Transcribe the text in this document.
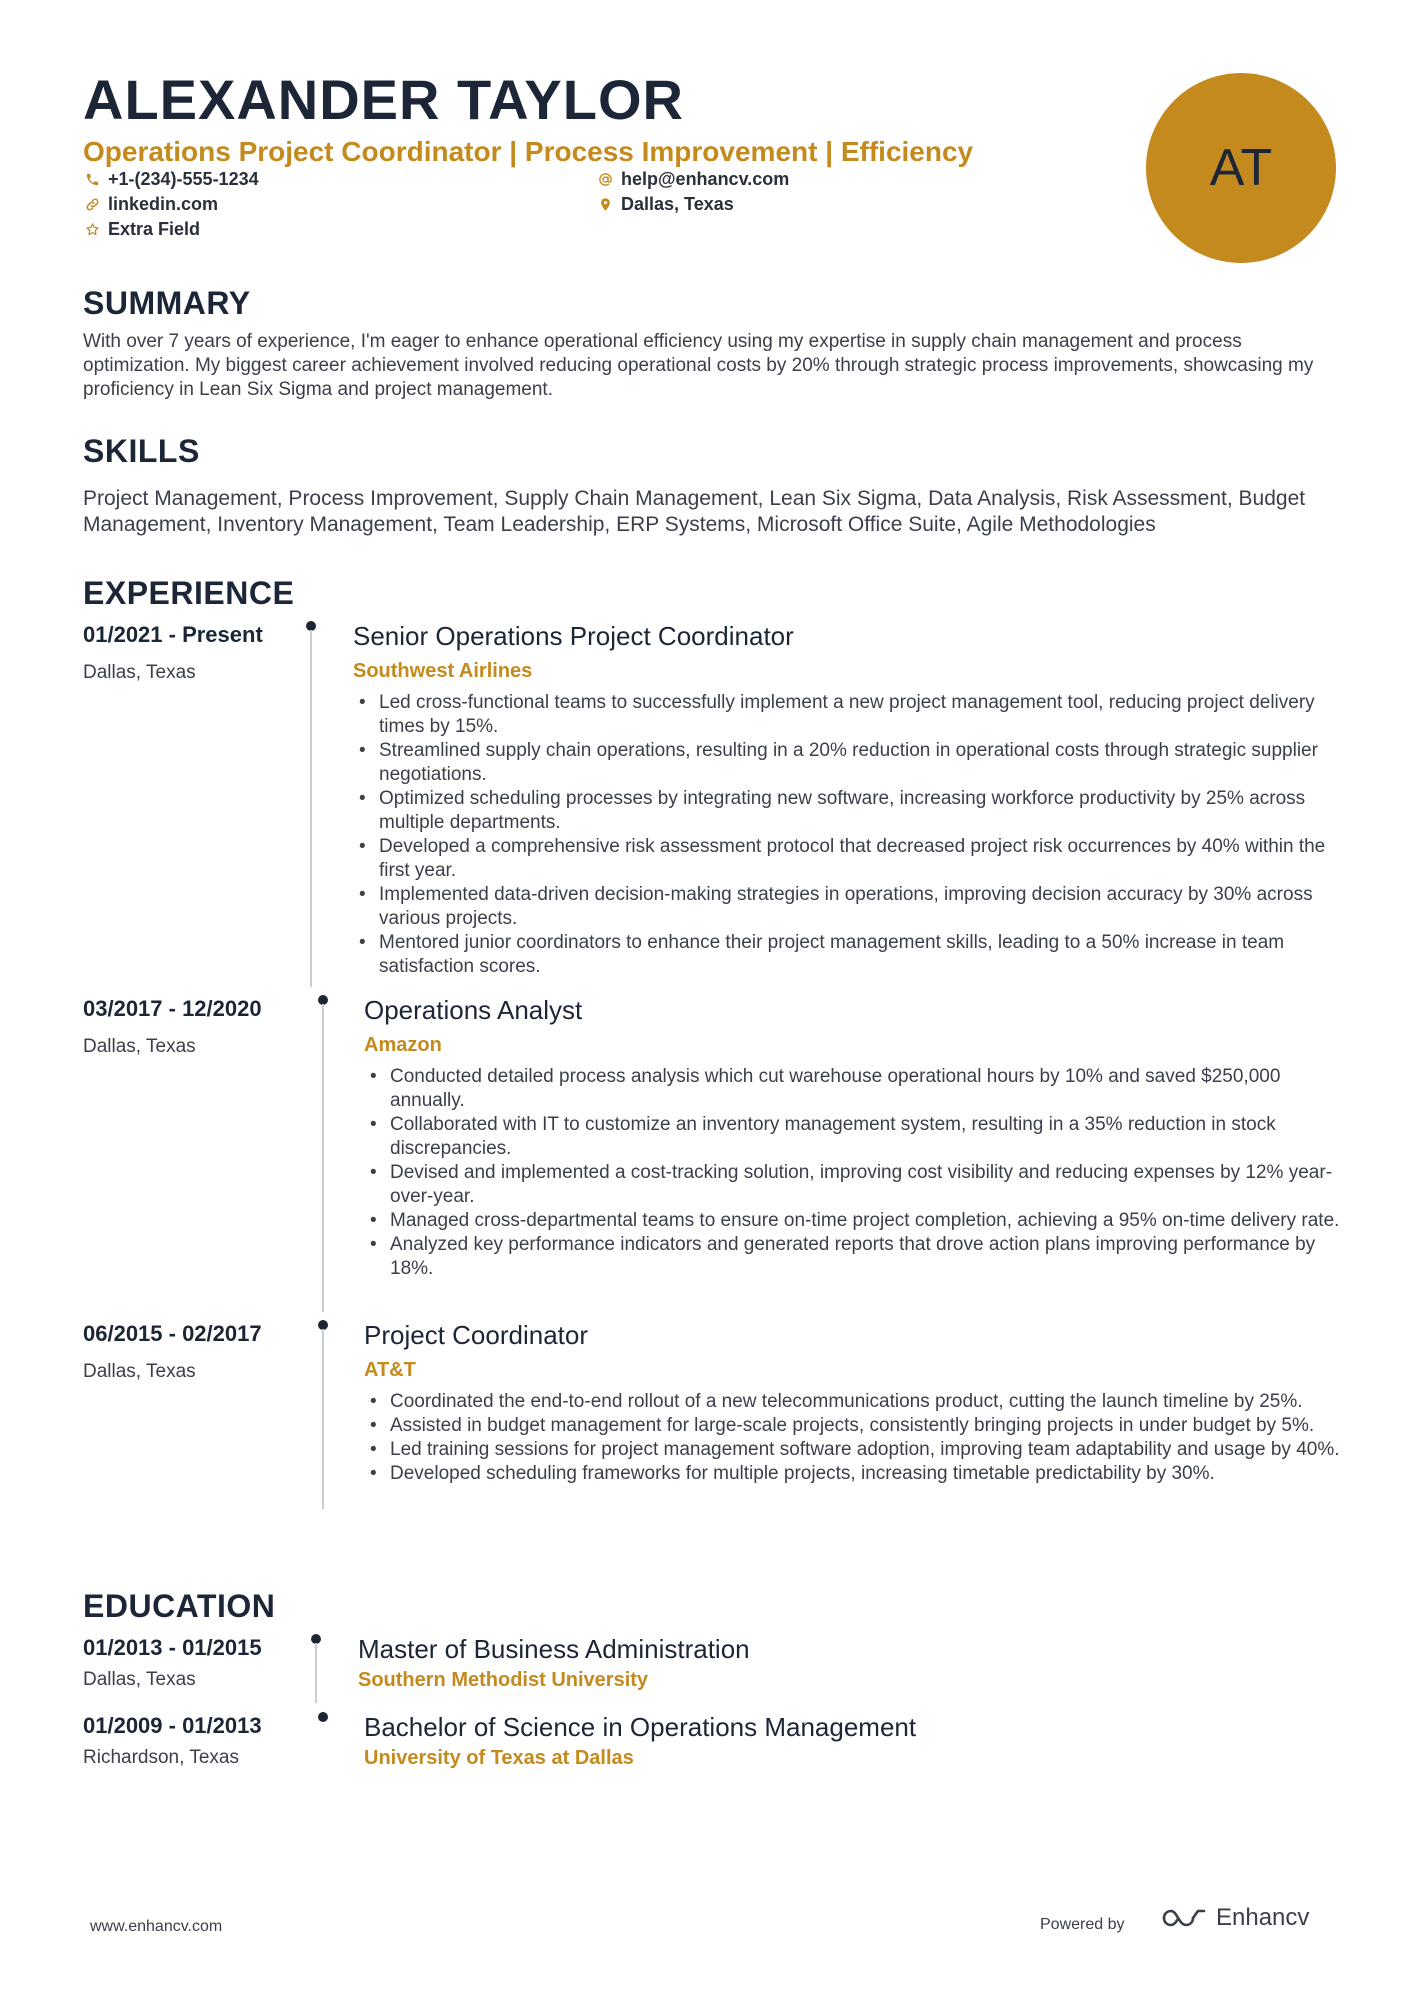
ALEXANDER TAYLOR
Operations Project Coordinator | Process Improvement | Efficiency
+1-(234)-555-1234	help@enhancv.com
linkedin.com	Dallas, Texas
Extra Field
AT
SUMMARY
With over 7 years of experience, I'm eager to enhance operational efficiency using my expertise in supply chain management and process optimization. My biggest career achievement involved reducing operational costs by 20% through strategic process improvements, showcasing my proficiency in Lean Six Sigma and project management.
SKILLS
Project Management, Process Improvement, Supply Chain Management, Lean Six Sigma, Data Analysis, Risk Assessment, Budget Management, Inventory Management, Team Leadership, ERP Systems, Microsoft Office Suite, Agile Methodologies
EXPERIENCE
01/2021 - Present
Dallas, Texas
Senior Operations Project Coordinator
Southwest Airlines
• Led cross-functional teams to successfully implement a new project management tool, reducing project delivery times by 15%.
• Streamlined supply chain operations, resulting in a 20% reduction in operational costs through strategic supplier negotiations.
• Optimized scheduling processes by integrating new software, increasing workforce productivity by 25% across multiple departments.
• Developed a comprehensive risk assessment protocol that decreased project risk occurrences by 40% within the first year.
• Implemented data-driven decision-making strategies in operations, improving decision accuracy by 30% across various projects.
• Mentored junior coordinators to enhance their project management skills, leading to a 50% increase in team satisfaction scores.
03/2017 - 12/2020
Dallas, Texas
Operations Analyst
Amazon
• Conducted detailed process analysis which cut warehouse operational hours by 10% and saved $250,000 annually.
• Collaborated with IT to customize an inventory management system, resulting in a 35% reduction in stock discrepancies.
• Devised and implemented a cost-tracking solution, improving cost visibility and reducing expenses by 12% year-over-year.
• Managed cross-departmental teams to ensure on-time project completion, achieving a 95% on-time delivery rate.
• Analyzed key performance indicators and generated reports that drove action plans improving performance by 18%.
06/2015 - 02/2017
Dallas, Texas
Project Coordinator
AT&T
• Coordinated the end-to-end rollout of a new telecommunications product, cutting the launch timeline by 25%.
• Assisted in budget management for large-scale projects, consistently bringing projects in under budget by 5%.
• Led training sessions for project management software adoption, improving team adaptability and usage by 40%.
• Developed scheduling frameworks for multiple projects, increasing timetable predictability by 30%.
EDUCATION
01/2013 - 01/2015
Dallas, Texas
Master of Business Administration
Southern Methodist University
01/2009 - 01/2013
Richardson, Texas
Bachelor of Science in Operations Management
University of Texas at Dallas
www.enhancv.com	Powered by	Enhancv
